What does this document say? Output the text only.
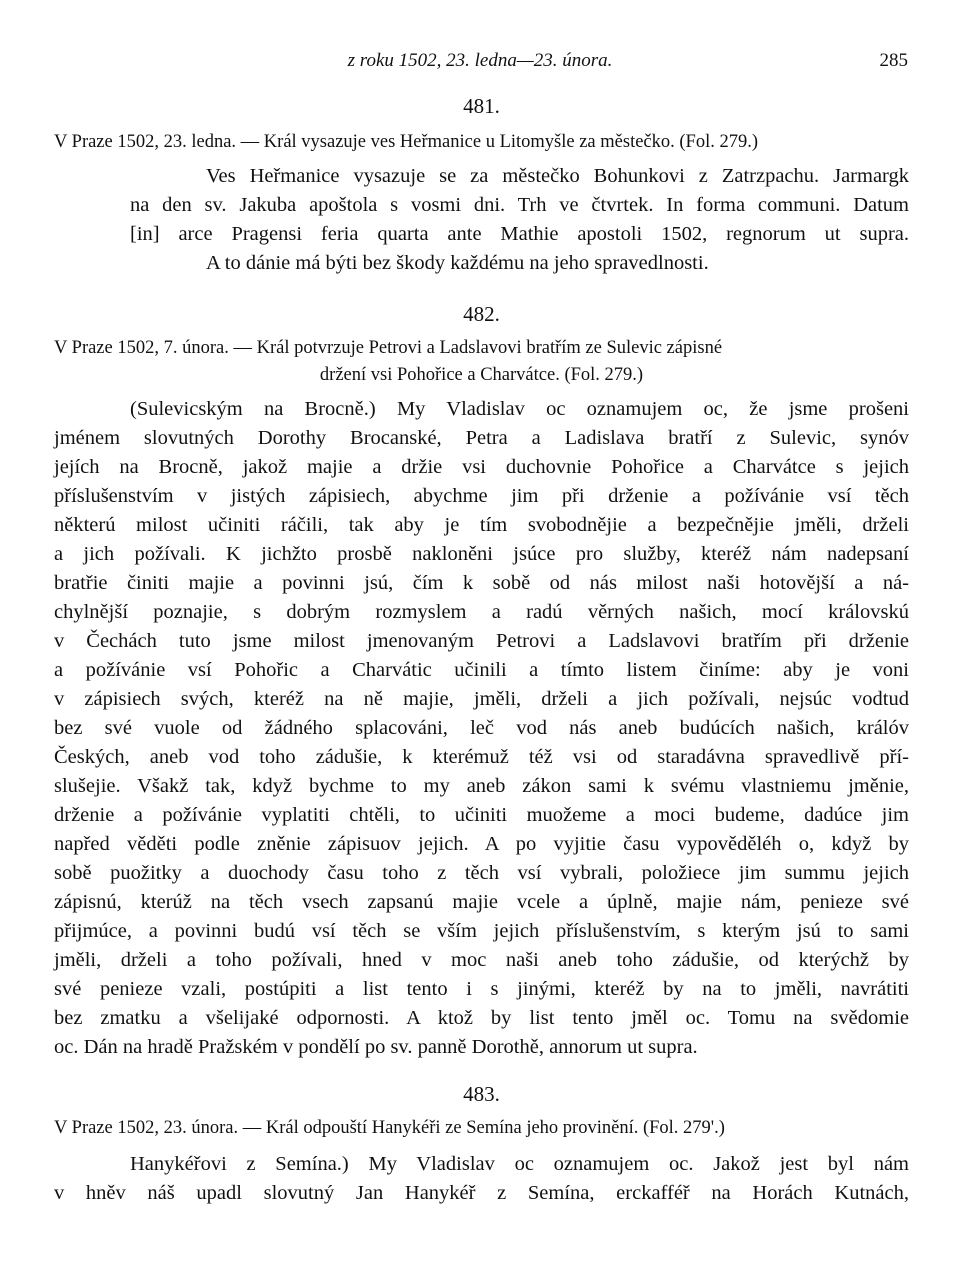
z roku 1502, 23. ledna—23. února.	285
481.

V Praze 1502, 23. ledna. — Král vysazuje ves Heřmanice u Litomyšle za městečko. (Fol. 279.)

Ves Heřmanice vysazuje se za městečko Bohunkovi z Zatrzpachu. Jarmargk
na den sv. Jakuba apoštola s vosmi dni. Trh ve čtvrtek. In forma communi. Datum
[in] arce Pragensi feria quarta ante Mathie apostoli 1502, regnorum ut supra.
A to dánie má býti bez škody každému na jeho spravedlnosti.
482.

V Praze 1502, 7. února. — Král potvrzuje Petrovi a Ladslavovi bratřím ze Sulevic zápisné

držení vsi Pohořice a Charvátce. (Fol. 279.)

(Sulevicským na Brocně.) My Vladislav oc oznamujem oc, že jsme prošeni
jménem slovutných Dorothy Brocanské, Petra a Ladislava bratří z Sulevic, synóv
jejích na Brocně, jakož majie a držie vsi duchovnie Pohořice a Charvátce s jejich
příslušenstvím v jistých zápisiech, abychme jim při drženie a požívánie vsí těch
některú milost učiniti ráčili, tak aby je tím svobodnějie a bezpečnějie jměli, drželi
a jich požívali. K jichžto prosbě nakloněni jsúce pro služby, kteréž nám nadepsaní
bratřie činiti majie a povinni jsú, čím k sobě od nás milost naši hotovější a ná-
chylnější poznajie, s dobrým rozmyslem a radú věrných našich, mocí královskú
v Čechách tuto jsme milost jmenovaným Petrovi a Ladslavovi bratřím při drženie
a požívánie vsí Pohořic a Charvátic učinili a tímto listem činíme: aby je voni
v zápisiech svých, kteréž na ně majie, jměli, drželi a jich požívali, nejsúc vodtud
bez své vuole od žádného splacováni, leč vod nás aneb budúcích našich, králóv
Českých, aneb vod toho zádušie, k kterémuž též vsi od staradávna spravedlivě pří-
slušejie. Všakž tak, když bychme to my aneb zákon sami k svému vlastniemu jměnie,
drženie a požívánie vyplatiti chtěli, to učiniti muožeme a moci budeme, dadúce jim
napřed věděti podle zněnie zápisuov jejich. A po vyjitie času vypověděléh o, když by
sobě puožitky a duochody času toho z těch vsí vybrali, položiece jim summu jejich
zápisnú, kterúž na těch vsech zapsanú majie vcele a úplně, majie nám, penieze své
přijmúce, a povinni budú vsí těch se vším jejich příslušenstvím, s kterým jsú to sami
jměli, drželi a toho požívali, hned v moc naši aneb toho zádušie, od kterýchž by
své penieze vzali, postúpiti a list tento i s jinými, kteréž by na to jměli, navrátiti
bez zmatku a všelijaké odpornosti. A ktož by list tento jměl oc. Tomu na svědomie
oc. Dán na hradě Pražském v pondělí po sv. panně Dorothě, annorum ut supra.
483.

V Praze 1502, 23. února. — Král odpouští Hanykéři ze Semína jeho provinění. (Fol. 279'.)

Hanykéřovi z Semína.) My Vladislav oc oznamujem oc. Jakož jest byl nám
v hněv náš upadl slovutný Jan Hanykéř z Semína, erckafféř na Horách Kutnách,
